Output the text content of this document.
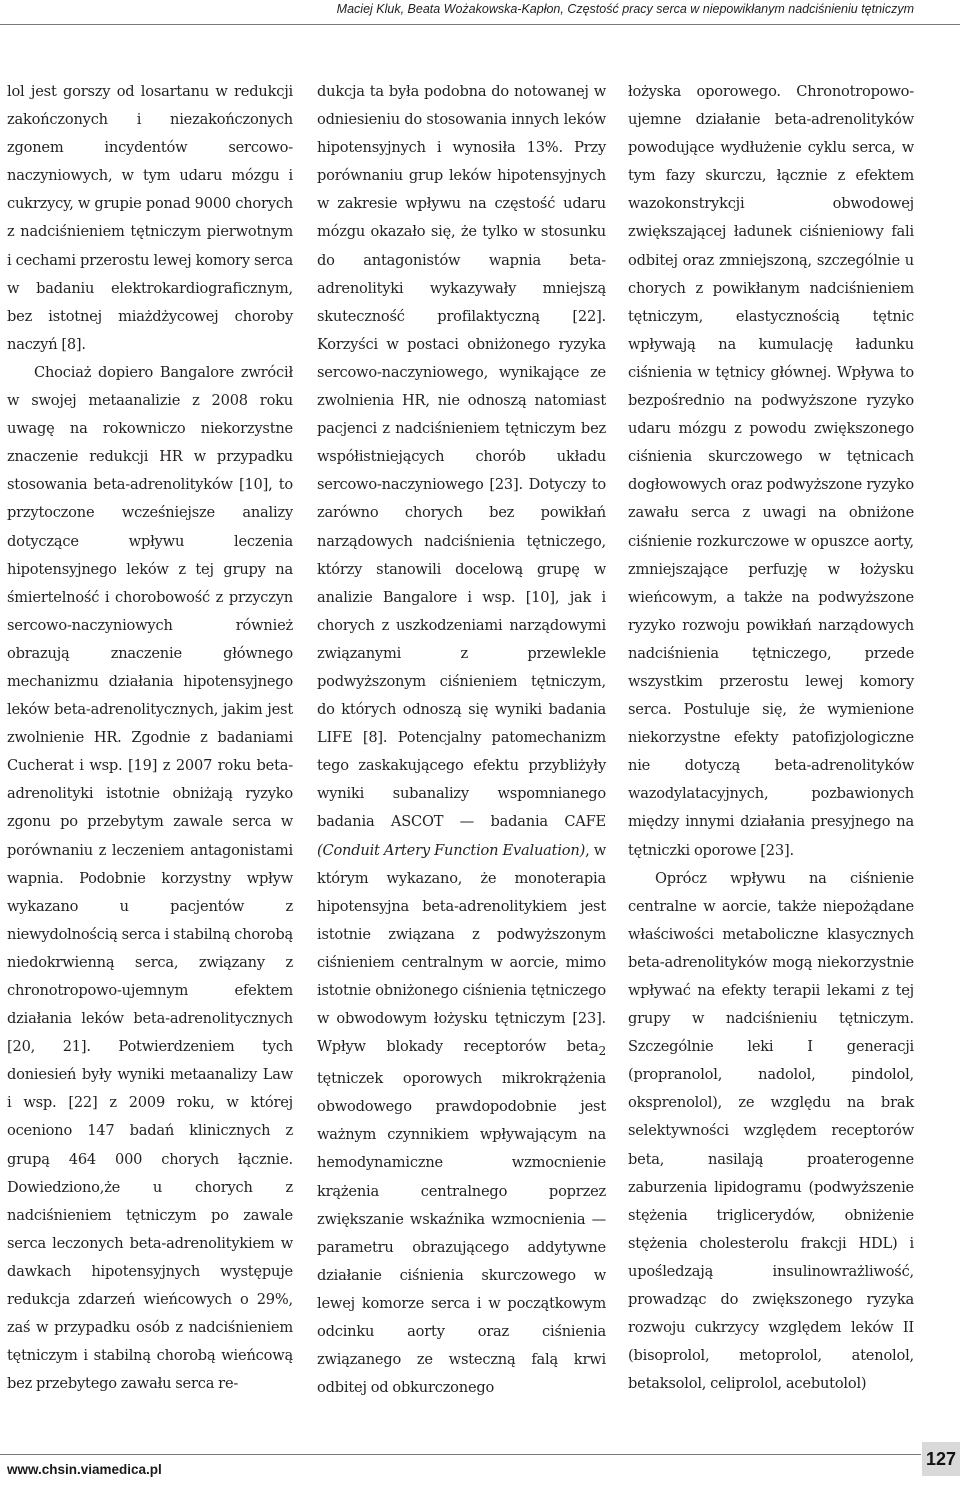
Maciej Kluk, Beata Wożakowska-Kapłon, Częstość pracy serca w niepowikłanym nadciśnieniu tętniczym

lol jest gorszy od losartanu w redukcji zakończonych i niezakończonych zgonem incydentów sercowo-naczyniowych, w tym udaru mózgu i cukrzycy, w grupie ponad 9000 chorych z nadciśnieniem tętniczym pierwotnym i cechami przerostu lewej komory serca w badaniu elektrokardiograficznym, bez istotnej miażdżycowej choroby naczyń [8].

Chociaż dopiero Bangalore zwrócił w swojej metaanalizie z 2008 roku uwagę na rokowniczo niekorzystne znaczenie redukcji HR w przypadku stosowania beta-adrenolityków [10], to przytoczone wcześniejsze analizy dotyczące wpływu leczenia hipotensyjnego leków z tej grupy na śmiertelność i chorobowość z przyczyn sercowo-naczyniowych również obrazują znaczenie głównego mechanizmu działania hipotensyjnego leków beta-adrenolitycznych, jakim jest zwolnienie HR. Zgodnie z badaniami Cucherat i wsp. [19] z 2007 roku beta-adrenolityki istotnie obniżają ryzyko zgonu po przebytym zawale serca w porównaniu z leczeniem antagonistami wapnia. Podobnie korzystny wpływ wykazano u pacjentów z niewydolnością serca i stabilną chorobą niedokrwienną serca, związany z chronotropowo-ujemnym efektem działania leków beta-adrenolitycznych [20, 21]. Potwierdzeniem tych doniesień były wyniki metaanalizy Law i wsp. [22] z 2009 roku, w której oceniono 147 badań klinicznych z grupą 464 000 chorych łącznie. Dowiedziono,że u chorych z nadciśnieniem tętniczym po zawale serca leczonych beta-adrenolitykiem w dawkach hipotensyjnych występuje redukcja zdarzeń wieńcowych o 29%, zaś w przypadku osób z nadciśnieniem tętniczym i stabilną chorobą wieńcową bez przebytego zawału serca re-

dukcja ta była podobna do notowanej w odniesieniu do stosowania innych leków hipotensyjnych i wynosiła 13%. Przy porównaniu grup leków hipotensyjnych w zakresie wpływu na częstość udaru mózgu okazało się, że tylko w stosunku do antagonistów wapnia beta-adrenolityki wykazywały mniejszą skuteczność profilaktyczną [22]. Korzyści w postaci obniżonego ryzyka sercowo-naczyniowego, wynikające ze zwolnienia HR, nie odnoszą natomiast pacjenci z nadciśnieniem tętniczym bez współistniejących chorób układu sercowo-naczyniowego [23]. Dotyczy to zarówno chorych bez powikłań narządowych nadciśnienia tętniczego, którzy stanowili docelową grupę w analizie Bangalore i wsp. [10], jak i chorych z uszkodzeniami narządowymi związanymi z przewlekle podwyższonym ciśnieniem tętniczym, do których odnoszą się wyniki badania LIFE [8]. Potencjalny patomechanizm tego zaskakującego efektu przybliżyły wyniki subanalizy wspomnianego badania ASCOT — badania CAFE (Conduit Artery Function Evaluation), w którym wykazano, że monoterapia hipotensyjna beta-adrenolitykiem jest istotnie związana z podwyższonym ciśnieniem centralnym w aorcie, mimo istotnie obniżonego ciśnienia tętniczego w obwodowym łożysku tętniczym [23]. Wpływ blokady receptorów beta$_2$ tętniczek oporowych mikrokrążenia obwodowego prawdopodobnie jest ważnym czynnikiem wpływającym na hemodynamiczne wzmocnienie krążenia centralnego poprzez zwiększanie wskaźnika wzmocnienia — parametru obrazującego addytywne działanie ciśnienia skurczowego w lewej komorze serca i w początkowym odcinku aorty oraz ciśnienia związanego ze wsteczną falą krwi odbitej od obkurczonego

łożyska oporowego. Chronotropowo-ujemne działanie beta-adrenolityków powodujące wydłużenie cyklu serca, w tym fazy skurczu, łącznie z efektem wazokonstrykcji obwodowej zwiększającej ładunek ciśnieniowy fali odbitej oraz zmniejszoną, szczególnie u chorych z powikłanym nadciśnieniem tętniczym, elastycznością tętnic wpływają na kumulację ładunku ciśnienia w tętnicy głównej. Wpływa to bezpośrednio na podwyższone ryzyko udaru mózgu z powodu zwiększonego ciśnienia skurczowego w tętnicach dogłowowych oraz podwyższone ryzyko zawału serca z uwagi na obniżone ciśnienie rozkurczowe w opuszce aorty, zmniejszające perfuzję w łożysku wieńcowym, a także na podwyższone ryzyko rozwoju powikłań narządowych nadciśnienia tętniczego, przede wszystkim przerostu lewej komory serca. Postuluje się, że wymienione niekorzystne efekty patofizjologiczne nie dotyczą beta-adrenolityków wazodylatacyjnych, pozbawionych między innymi działania presyjnego na tętniczki oporowe [23].

Oprócz wpływu na ciśnienie centralne w aorcie, także niepożądane właściwości metaboliczne klasycznych beta-adrenolityków mogą niekorzystnie wpływać na efekty terapii lekami z tej grupy w nadciśnieniu tętniczym. Szczególnie leki I generacji (propranolol, nadolol, pindolol, oksprenolol), ze względu na brak selektywności względem receptorów beta, nasilają proaterogenne zaburzenia lipidogramu (podwyższenie stężenia triglicerydów, obniżenie stężenia cholesterolu frakcji HDL) i upośledzają insulinowrażliwość, prowadząc do zwiększonego ryzyka rozwoju cukrzycy względem leków II (bisoprolol, metoprolol, atenolol, betaksolol, celiprolol, acebutolol)

www.chsin.viamedica.pl
127
